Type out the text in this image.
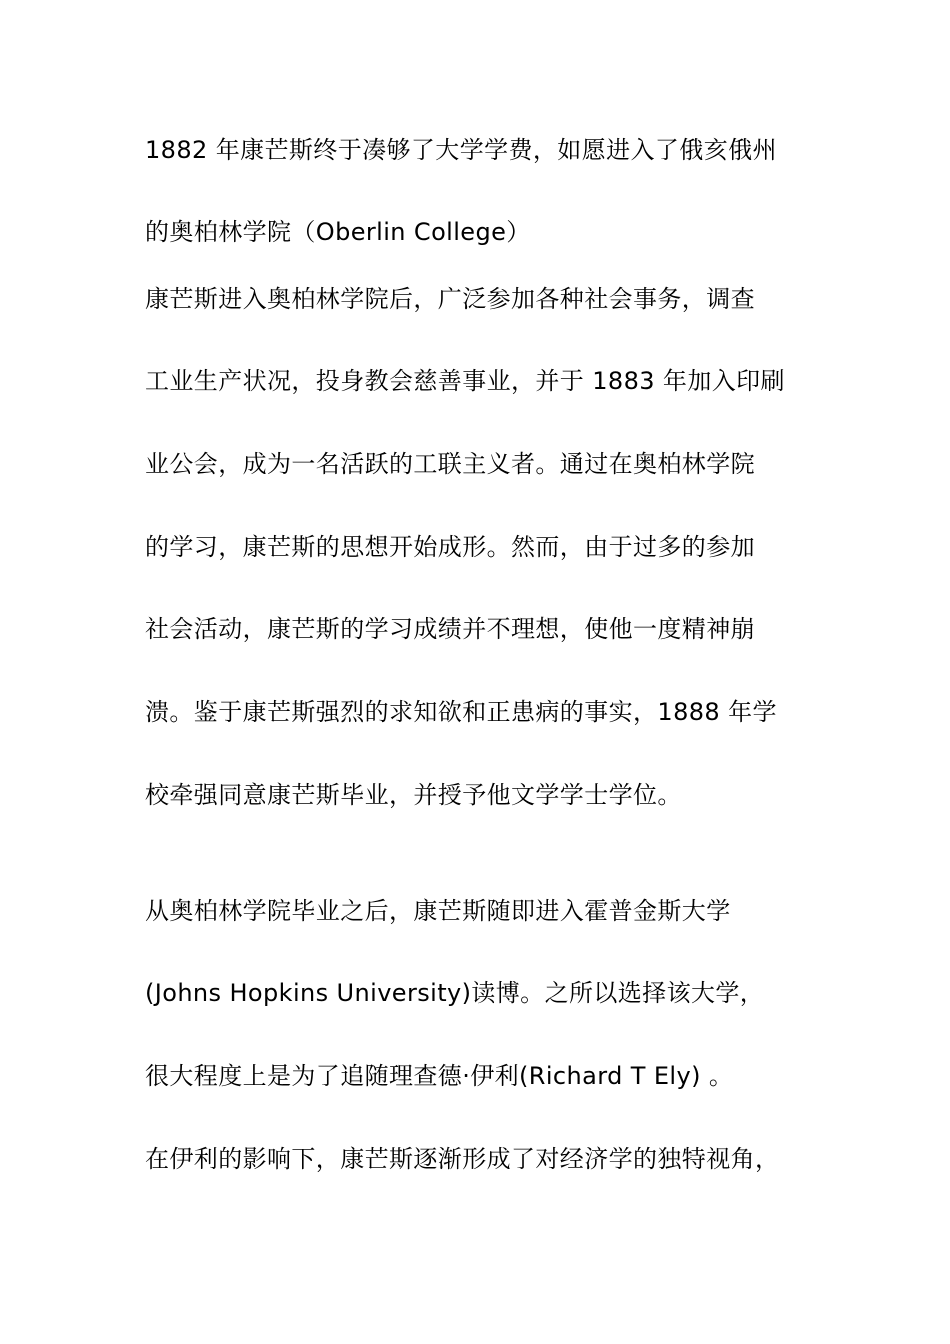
1882 年康芒斯终于凑够了大学学费，如愿进入了俄亥俄州
的奥柏林学院（Oberlin College）
康芒斯进入奥柏林学院后，广泛参加各种社会事务，调查
工业生产状况，投身教会慈善事业，并于 1883 年加入印刷
业公会，成为一名活跃的工联主义者。通过在奥柏林学院
的学习，康芒斯的思想开始成形。然而，由于过多的参加
社会活动，康芒斯的学习成绩并不理想，使他一度精神崩
溃。鉴于康芒斯强烈的求知欲和正患病的事实，1888 年学
校牵强同意康芒斯毕业，并授予他文学学士学位。
从奥柏林学院毕业之后，康芒斯随即进入霍普金斯大学
(Johns Hopkins University)读博。之所以选择该大学，
很大程度上是为了追随理查德·伊利(Richard T Ely) 。
在伊利的影响下，康芒斯逐渐形成了对经济学的独特视角，
